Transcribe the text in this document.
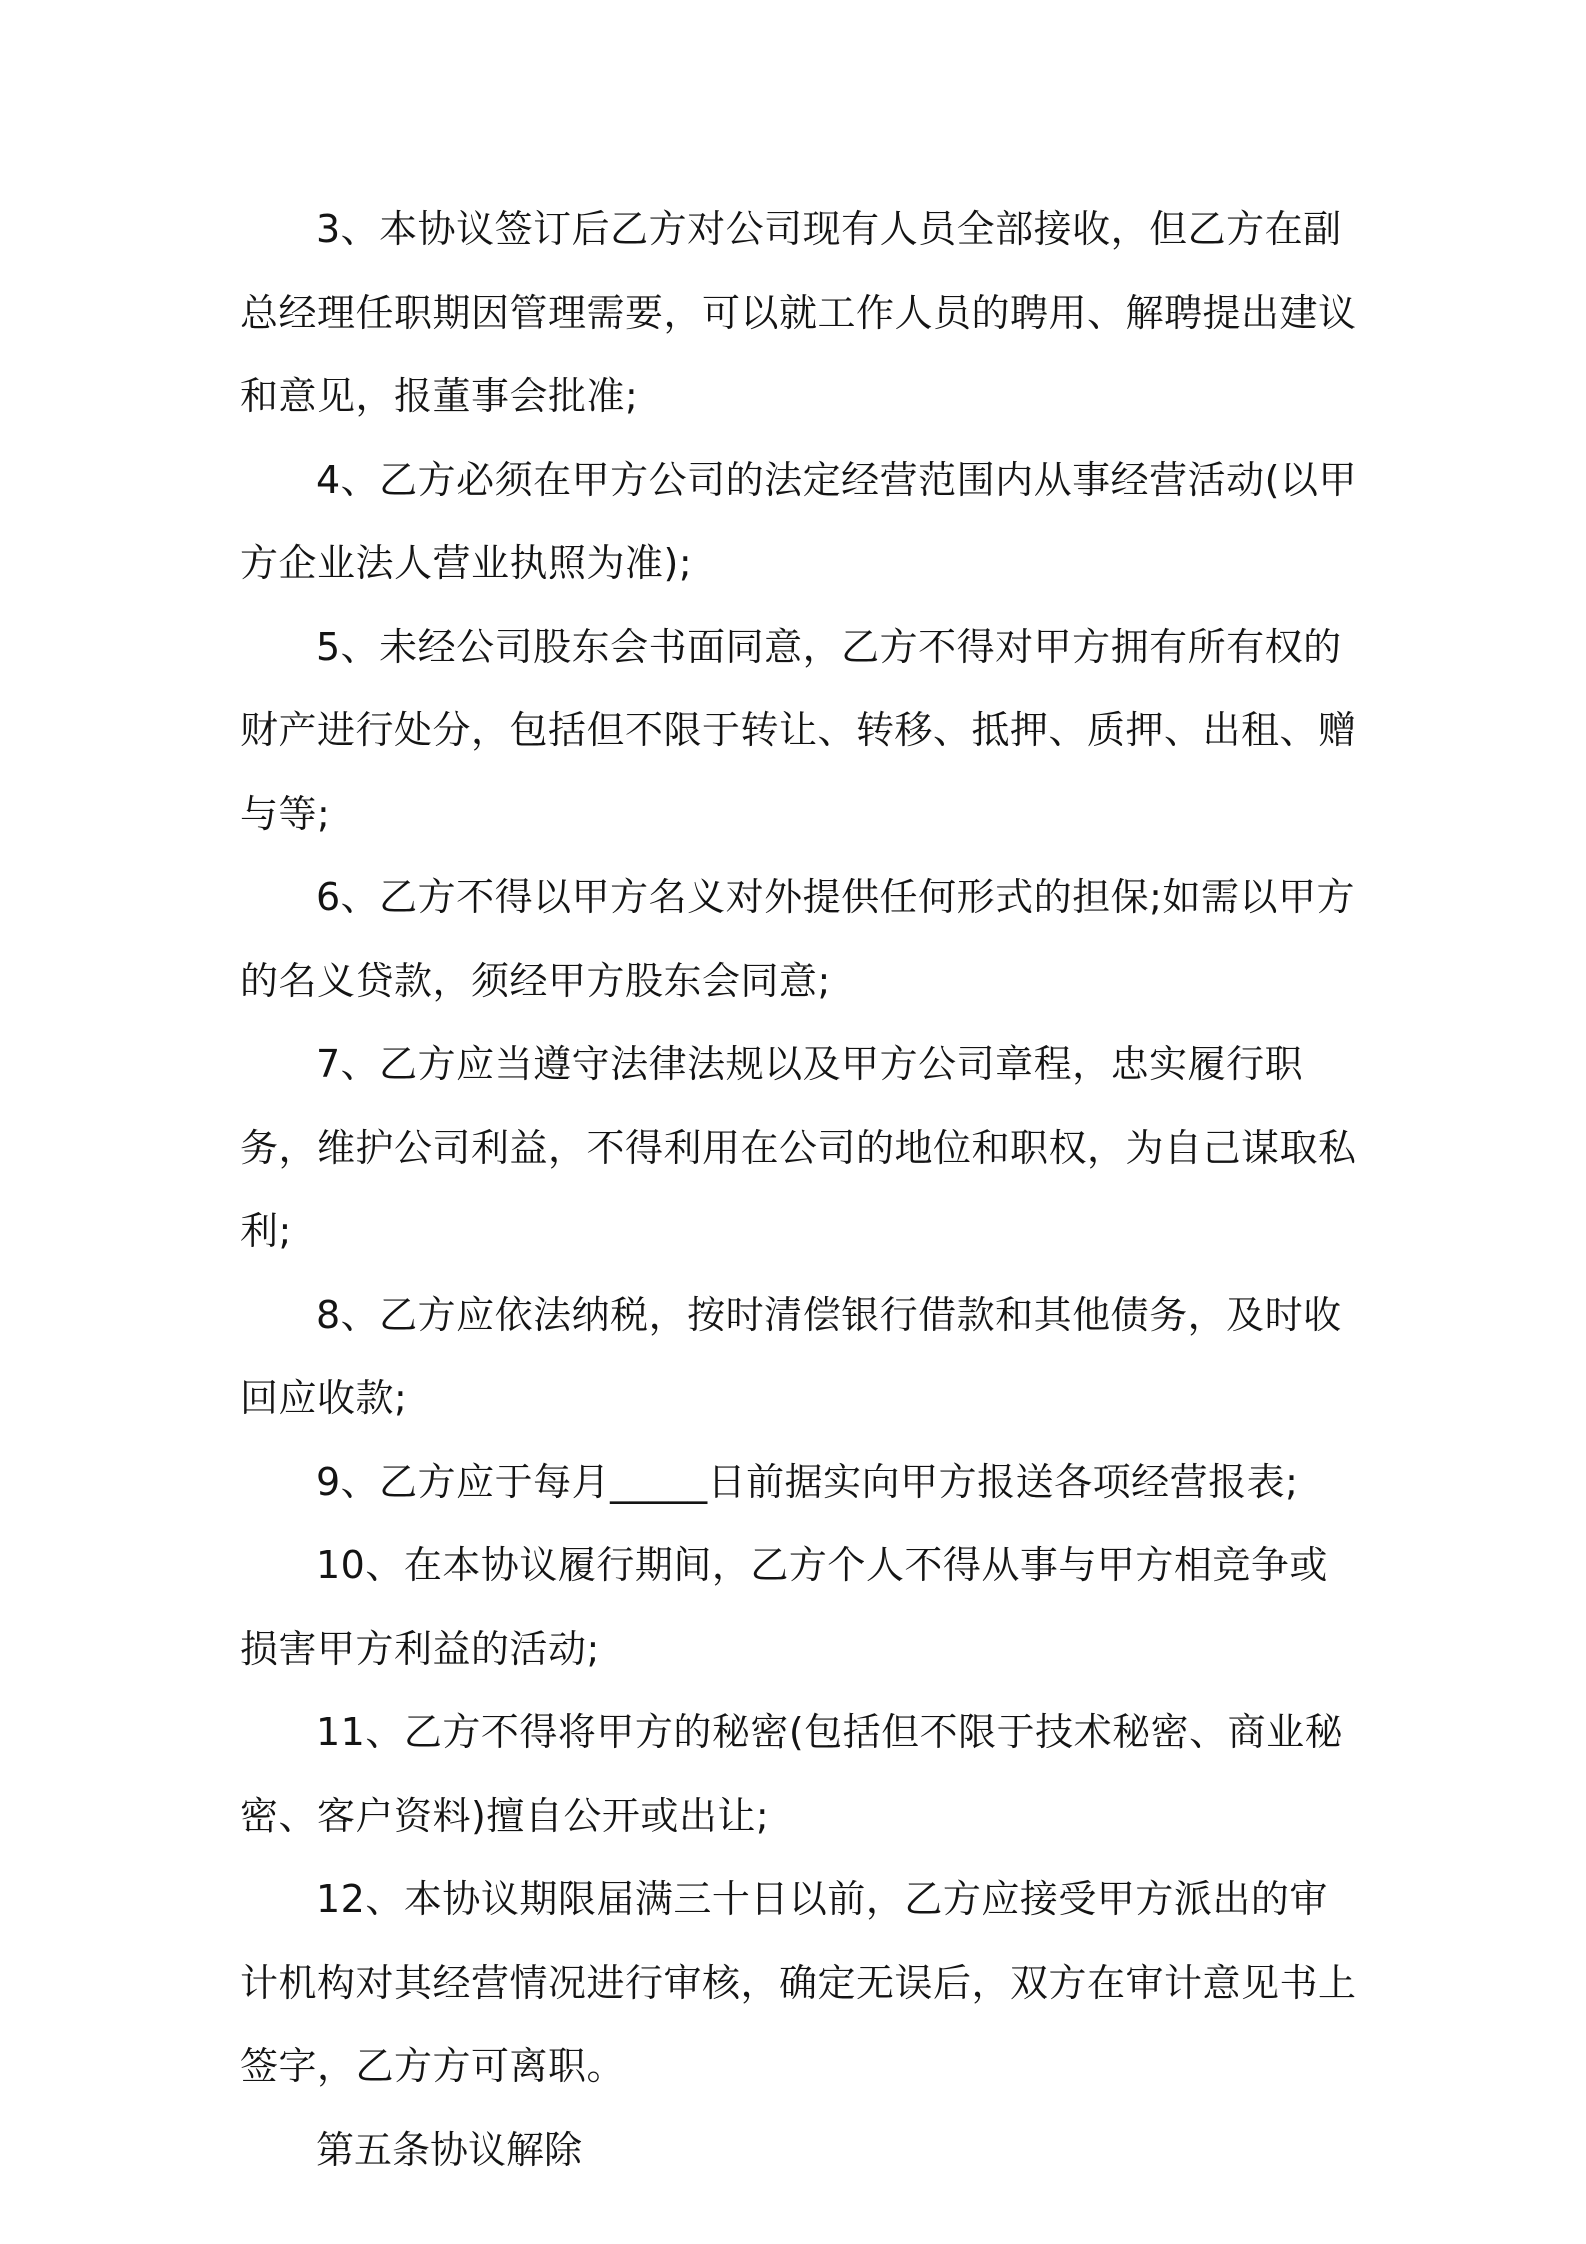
3、本协议签订后乙方对公司现有人员全部接收，但乙方在副总经理任职期因管理需要，可以就工作人员的聘用、解聘提出建议和意见，报董事会批准;

4、乙方必须在甲方公司的法定经营范围内从事经营活动(以甲方企业法人营业执照为准);

5、未经公司股东会书面同意，乙方不得对甲方拥有所有权的财产进行处分，包括但不限于转让、转移、抵押、质押、出租、赠与等;

6、乙方不得以甲方名义对外提供任何形式的担保;如需以甲方的名义贷款，须经甲方股东会同意;

7、乙方应当遵守法律法规以及甲方公司章程，忠实履行职务，维护公司利益，不得利用在公司的地位和职权，为自己谋取私利;

8、乙方应依法纳税，按时清偿银行借款和其他债务，及时收回应收款;

9、乙方应于每月_____日前据实向甲方报送各项经营报表;

10、在本协议履行期间，乙方个人不得从事与甲方相竞争或损害甲方利益的活动;

11、乙方不得将甲方的秘密(包括但不限于技术秘密、商业秘密、客户资料)擅自公开或出让;

12、本协议期限届满三十日以前，乙方应接受甲方派出的审计机构对其经营情况进行审核，确定无误后，双方在审计意见书上签字，乙方方可离职。

第五条协议解除
